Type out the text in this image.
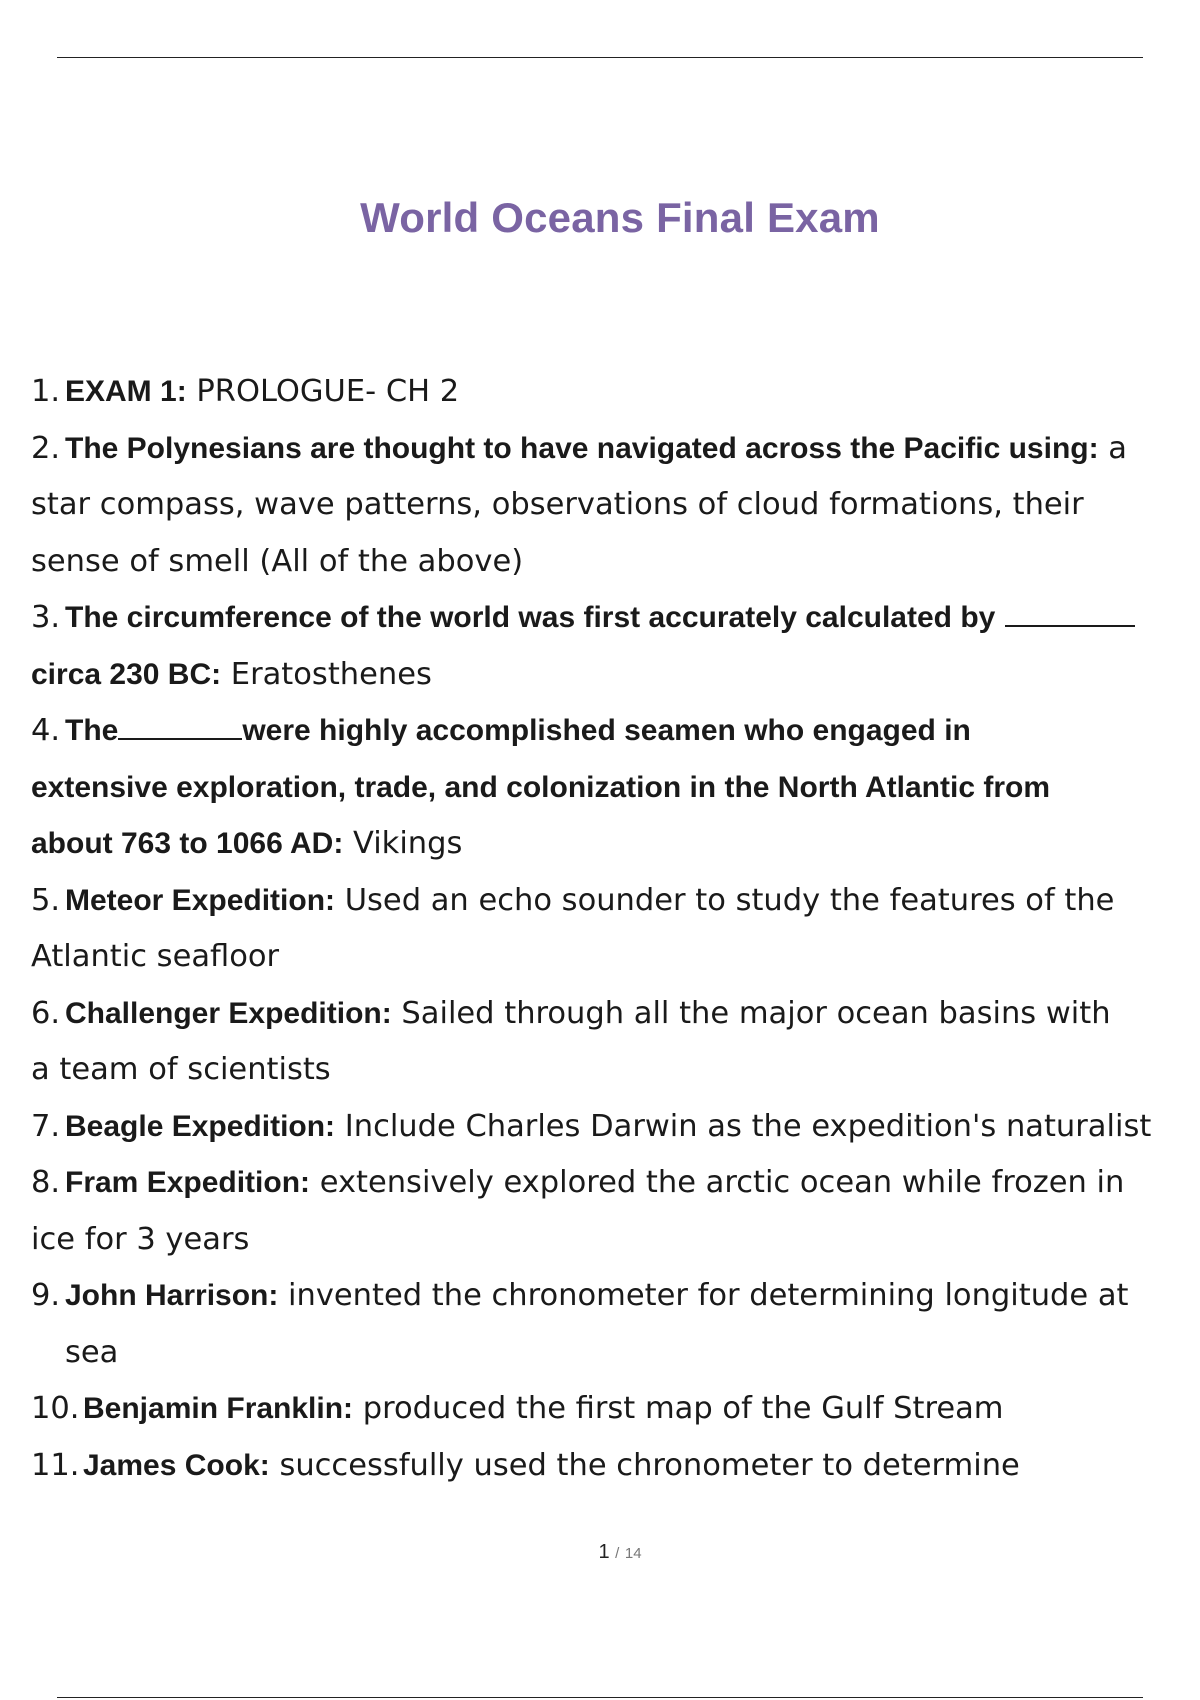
World Oceans Final Exam
1. EXAM 1: PROLOGUE- CH 2
2. The Polynesians are thought to have navigated across the Pacific using: a
star compass, wave patterns, observations of cloud formations, their
sense of smell (All of the above)
3. The circumference of the world was first accurately calculated by
circa 230 BC: Eratosthenes
4. The	were highly accomplished seamen who engaged in
extensive exploration, trade, and colonization in the North Atlantic from
about 763 to 1066 AD: Vikings
5. Meteor Expedition: Used an echo sounder to study the features of the
Atlantic seafloor
6. Challenger Expedition: Sailed through all the major ocean basins with
a team of scientists
7. Beagle Expedition: Include Charles Darwin as the expedition's naturalist
8. Fram Expedition: extensively explored the arctic ocean while frozen in
ice for 3 years
9. John Harrison: invented the chronometer for determining longitude at
sea
10. Benjamin Franklin: produced the first map of the Gulf Stream
11. James Cook: successfully used the chronometer to determine
1 / 14
